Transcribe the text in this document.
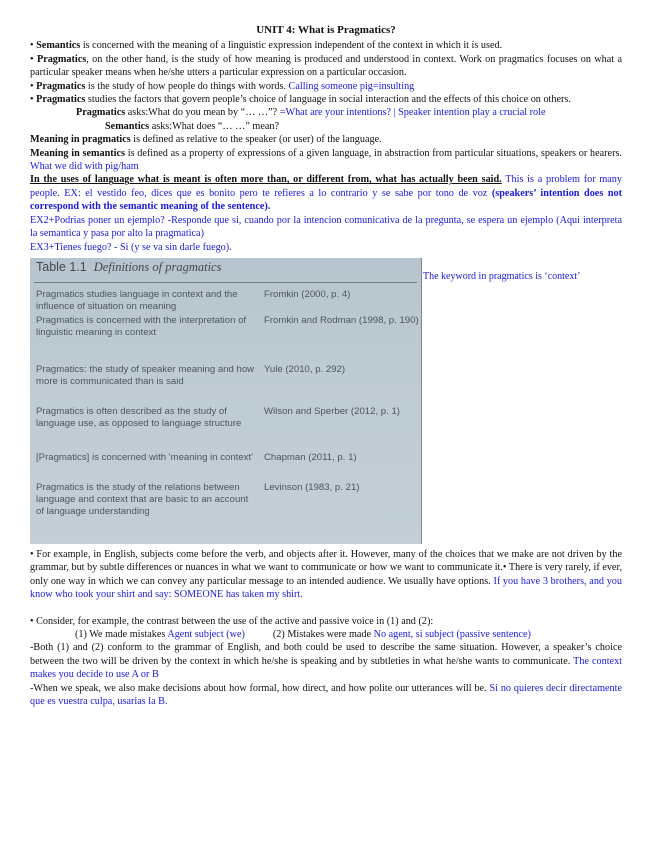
UNIT 4: What is Pragmatics?

• Semantics is concerned with the meaning of a linguistic expression independent of the context in which it is used.

• Pragmatics, on the other hand, is the study of how meaning is produced and understood in context. Work on pragmatics focuses on what a particular speaker means when he/she utters a particular expression on a particular occasion.

• Pragmatics is the study of how people do things with words. Calling someone pig=insulting

• Pragmatics studies the factors that govern people’s choice of language in social interaction and the effects of this choice on others.

Pragmatics asks:What do you mean by “… …”? =What are your intentions? | Speaker intention play a crucial role

Semantics asks:What does “… …” mean?

Meaning in pragmatics is defined as relative to the speaker (or user) of the language.

Meaning in semantics is defined as a property of expressions of a given language, in abstraction from particular situations, speakers or hearers. What we did with pig/ham

In the uses of language what is meant is often more than, or different from, what has actually been said. This is a problem for many people. EX: el vestido feo, dices que es bonito pero te refieres a lo contrario y se sabe por tono de voz (speakers’ intention does not correspond with the semantic meaning of the sentence).

EX2+Podrias poner un ejemplo? -Responde que si, cuando por la intencion comunicativa de la pregunta, se espera un ejemplo (Aqui interpreta la semantica y pasa por alto la pragmatica)

EX3+Tienes fuego? - Si (y se va sin darle fuego).

Table 1.1 Definitions of pragmatics
Pragmatics studies language in context and the influence of situation on meaning
Fromkin (2000, p. 4)
Pragmatics is concerned with the interpretation of linguistic meaning in context
Fromkin and Rodman (1998, p. 190)
Pragmatics: the study of speaker meaning and how more is communicated than is said
Yule (2010, p. 292)
Pragmatics is often described as the study of language use, as opposed to language structure
Wilson and Sperber (2012, p. 1)
[Pragmatics] is concerned with 'meaning in context'	Chapman (2011, p. 1)
Pragmatics is the study of the relations between language and context that are basic to an account of language understanding
Levinson (1983, p. 21)
The keyword in pragmatics is ‘context’

• For example, in English, subjects come before the verb, and objects after it. However, many of the choices that we make are not driven by the grammar, but by subtle differences or nuances in what we want to communicate or how we want to communicate it.• There is very rarely, if ever, only one way in which we can convey any particular message to an intended audience. We usually have options. If you have 3 brothers, and you know who took your shirt and say: SOMEONE has taken my shirt.

• Consider, for example, the contrast between the use of the active and passive voice in (1) and (2):

(1) We made mistakes Agent subject (we)	(2) Mistakes were made No agent, si subject (passive sentence)

-Both (1) and (2) conform to the grammar of English, and both could be used to describe the same situation. However, a speaker’s choice between the two will be driven by the context in which he/she is speaking and by subtleties in what he/she wants to communicate. The context makes you decide to use A or B

-When we speak, we also make decisions about how formal, how direct, and how polite our utterances will be. Si no quieres decir directamente que es vuestra culpa, usarias la B.
